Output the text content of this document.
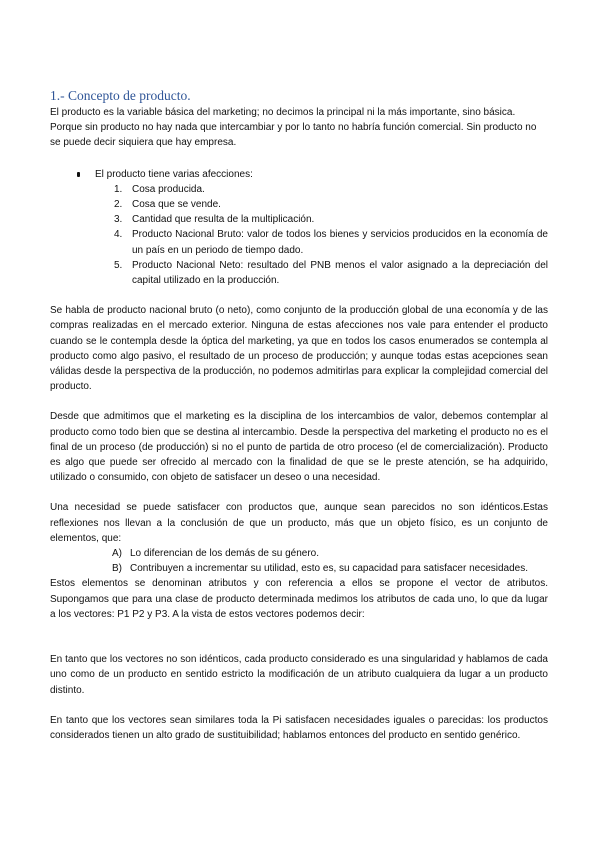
1.- Concepto de producto.

El producto es la variable básica del marketing; no decimos la principal ni la más importante, sino básica. Porque sin producto no hay nada que intercambiar y por lo tanto no habría función comercial. Sin producto no se puede decir siquiera que hay empresa.

El producto tiene varias afecciones:
1. Cosa producida.
2. Cosa que se vende.
3. Cantidad que resulta de la multiplicación.
4. Producto Nacional Bruto: valor de todos los bienes y servicios producidos en la economía de un país en un periodo de tiempo dado.
5. Producto Nacional Neto: resultado del PNB menos el valor asignado a la depreciación del capital utilizado en la producción.

Se habla de producto nacional bruto (o neto), como conjunto de la producción global de una economía y de las compras realizadas en el mercado exterior. Ninguna de estas afecciones nos vale para entender el producto cuando se le contempla desde la óptica del marketing, ya que en todos los casos enumerados se contempla al producto como algo pasivo, el resultado de un proceso de producción; y aunque todas estas acepciones sean válidas desde la perspectiva de la producción, no podemos admitirlas para explicar la complejidad comercial del producto.

Desde que admitimos que el marketing es la disciplina de los intercambios de valor, debemos contemplar al producto como todo bien que se destina al intercambio. Desde la perspectiva del marketing el producto no es el final de un proceso (de producción) si no el punto de partida de otro proceso (el de comercialización). Producto es algo que puede ser ofrecido al mercado con la finalidad de que se le preste atención, se ha adquirido, utilizado o consumido, con objeto de satisfacer un deseo o una necesidad.

Una necesidad se puede satisfacer con productos que, aunque sean parecidos no son idénticos.Estas reflexiones nos llevan a la conclusión de que un producto, más que un objeto físico, es un conjunto de elementos, que:

A) Lo diferencian de los demás de su género.
B) Contribuyen a incrementar su utilidad, esto es, su capacidad para satisfacer necesidades.

Estos elementos se denominan atributos y con referencia a ellos se propone el vector de atributos. Supongamos que para una clase de producto determinada medimos los atributos de cada uno, lo que da lugar a los vectores: P1 P2 y P3. A la vista de estos vectores podemos decir:

En tanto que los vectores no son idénticos, cada producto considerado es una singularidad y hablamos de cada uno como de un producto en sentido estricto la modificación de un atributo cualquiera da lugar a un producto distinto.

En tanto que los vectores sean similares toda la Pi satisfacen necesidades iguales o parecidas: los productos considerados tienen un alto grado de sustituibilidad; hablamos entonces del producto en sentido genérico.
